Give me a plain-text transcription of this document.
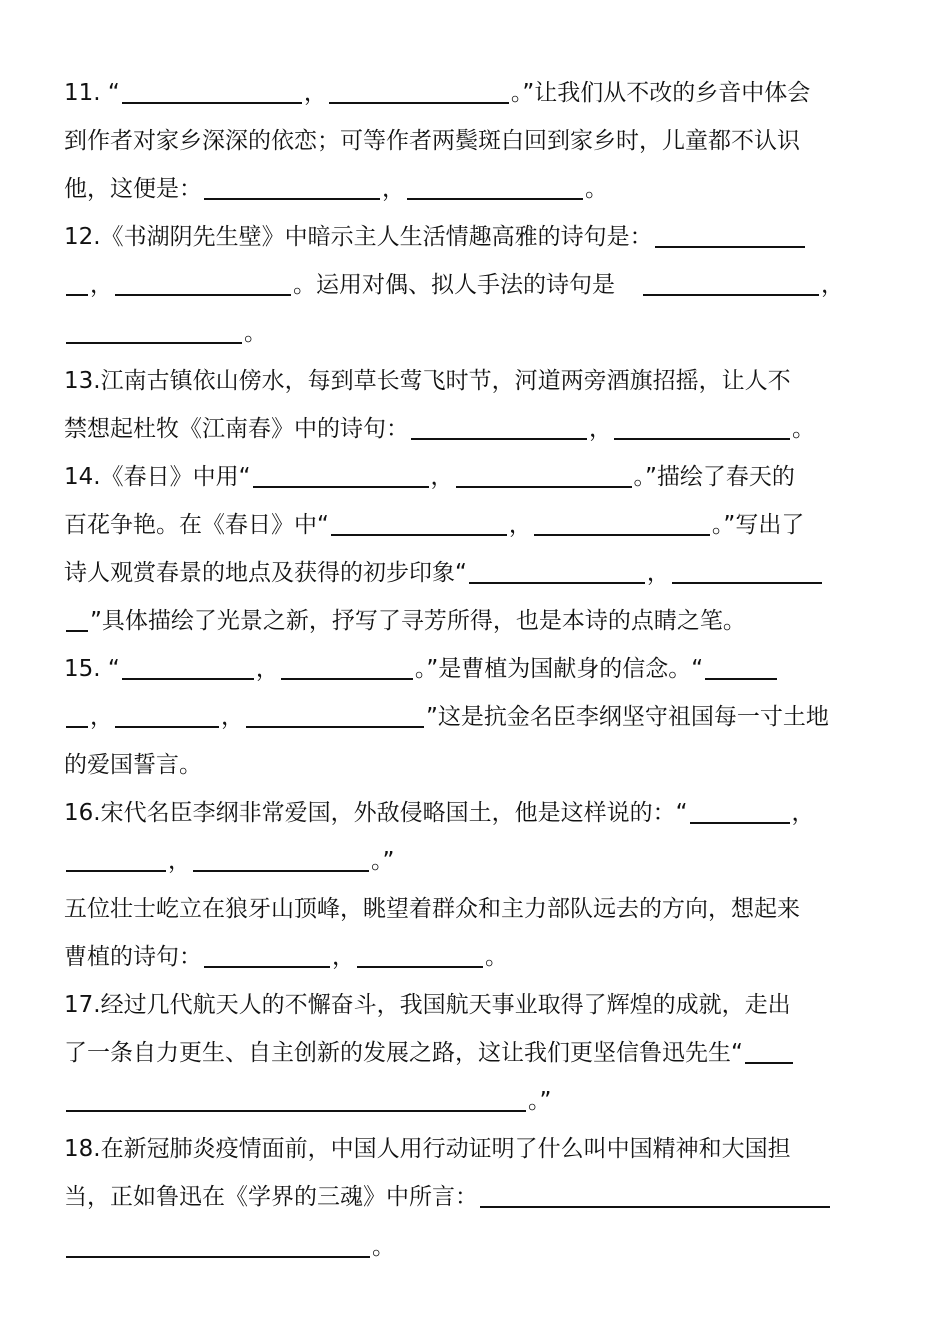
11. “	，	。”让我们从不改的乡音中体会
到作者对家乡深深的依恋；可等作者两鬓斑白回到家乡时，儿童都不认识
他，这便是：	，	。
12.《书湖阴先生壁》中暗示主人生活情趣高雅的诗句是：
，	。运用对偶、拟人手法的诗句是	，
。
13.江南古镇依山傍水，每到草长莺飞时节，河道两旁酒旗招摇，让人不
禁想起杜牧《江南春》中的诗句：	，	。
14.《春日》中用“	，	。”描绘了春天的
百花争艳。在《春日》中“	，	。”写出了
诗人观赏春景的地点及获得的初步印象“	，
”具体描绘了光景之新，抒写了寻芳所得，也是本诗的点睛之笔。
15. “	，	。”是曹植为国献身的信念。“
，	，	”这是抗金名臣李纲坚守祖国每一寸土地
的爱国誓言。
16.宋代名臣李纲非常爱国，外敌侵略国土，他是这样说的：“	，
，	。”
五位壮士屹立在狼牙山顶峰，眺望着群众和主力部队远去的方向，想起来
曹植的诗句：	，	。
17.经过几代航天人的不懈奋斗，我国航天事业取得了辉煌的成就，走出
了一条自力更生、自主创新的发展之路，这让我们更坚信鲁迅先生“
。”
18.在新冠肺炎疫情面前，中国人用行动证明了什么叫中国精神和大国担
当，正如鲁迅在《学界的三魂》中所言：
。
